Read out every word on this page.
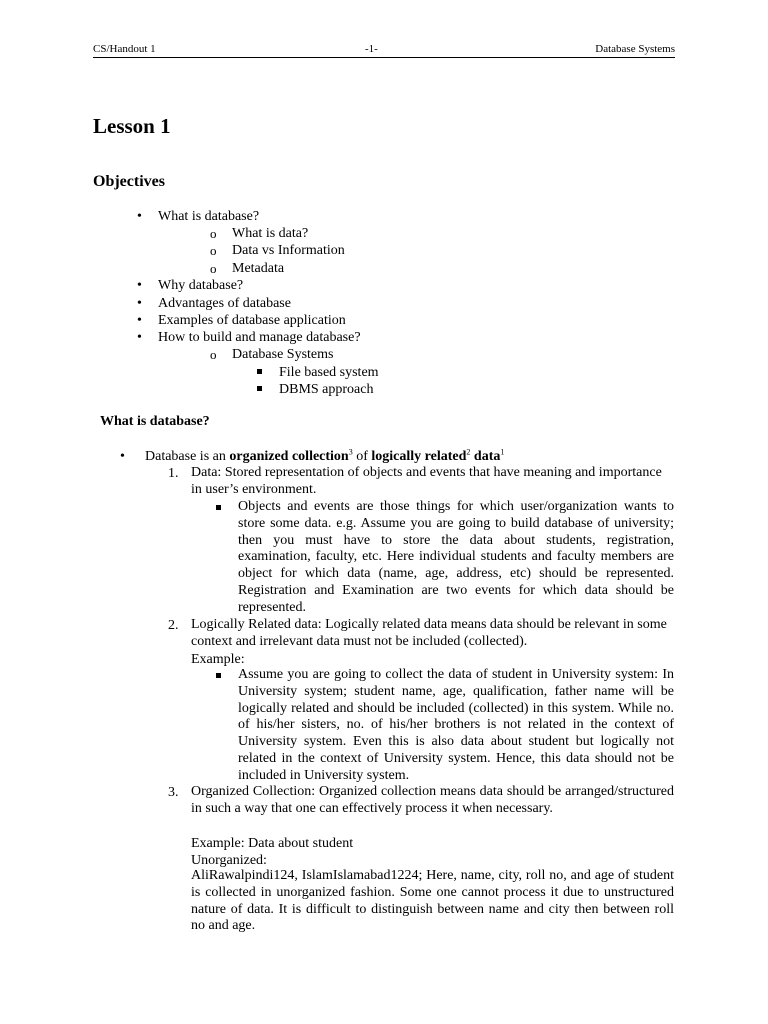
CS/Handout 1	-1-	Database Systems
Lesson 1
Objectives
•
What is database?
o What is data?
o Data vs Information
o Metadata
•
Why database?
•
Advantages of database
•
Examples of database application
•
How to build and manage database?
o Database Systems
File based system
DBMS approach
What is database?
•
Database is an organized collection$^3$ of logically related$^2$ data$^1$
1. Data: Stored representation of objects and events that have meaning and importance in user’s environment.
Objects and events are those things for which user/organization wants to store some data. e.g. Assume you are going to build database of university; then you must have to store the data about students, registration, examination, faculty, etc. Here individual students and faculty members are object for which data (name, age, address, etc) should be represented. Registration and Examination are two events for which data should be represented.
2. Logically Related data: Logically related data means data should be relevant in some context and irrelevant data must not be included (collected).
Example:
Assume you are going to collect the data of student in University system: In University system; student name, age, qualification, father name will be logically related and should be included (collected) in this system. While no. of his/her sisters, no. of his/her brothers is not related in the context of University system. Even this is also data about student but logically not related in the context of University system. Hence, this data should not be included in University system.
3. Organized Collection: Organized collection means data should be arranged/structured in such a way that one can effectively process it when necessary.
Example: Data about student
Unorganized:
AliRawalpindi124, IslamIslamabad1224; Here, name, city, roll no, and age of student is collected in unorganized fashion. Some one cannot process it due to unstructured nature of data. It is difficult to distinguish between name and city then between roll no and age.
